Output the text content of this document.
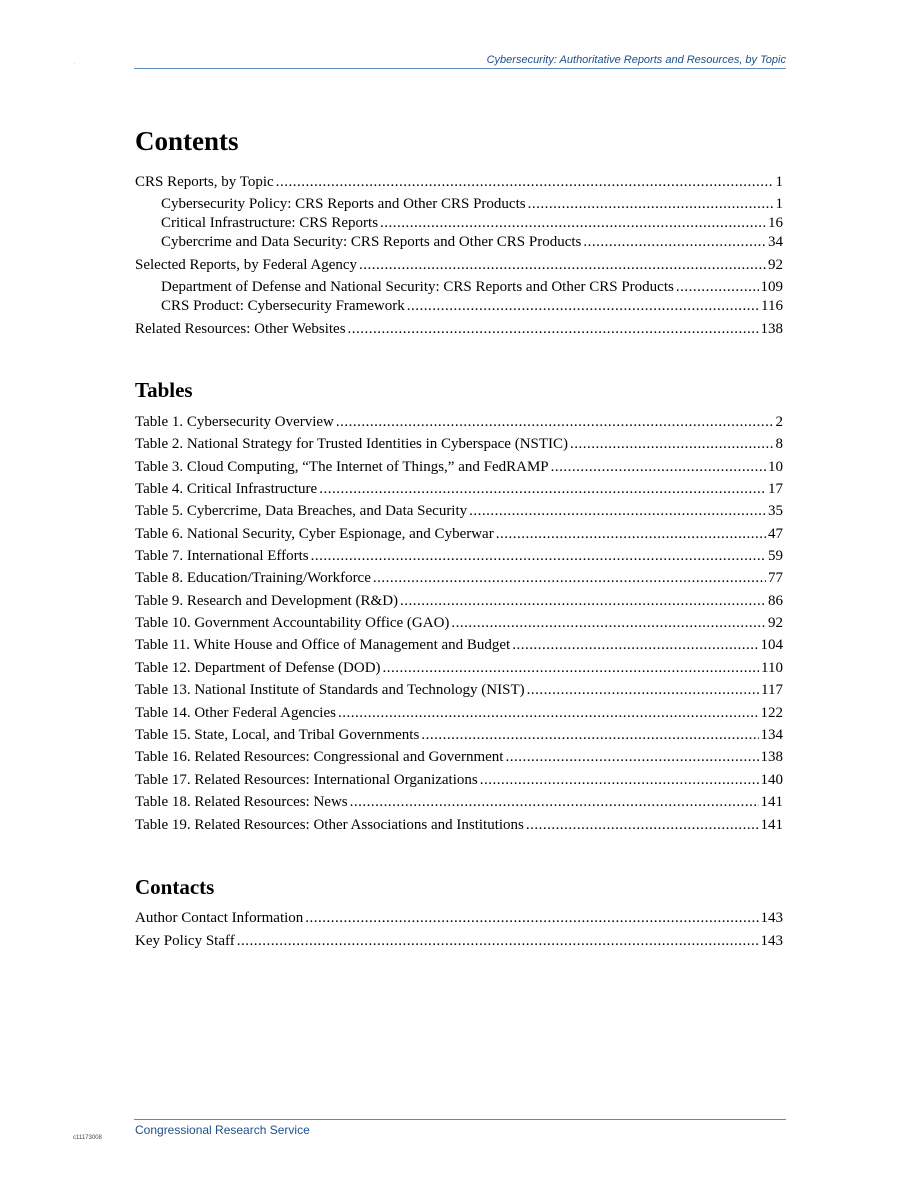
.	Cybersecurity: Authoritative Reports and Resources, by Topic
Contents
CRS Reports, by Topic .....	1
Cybersecurity Policy: CRS Reports and Other CRS Products .....	1
Critical Infrastructure: CRS Reports .....	16
Cybercrime and Data Security: CRS Reports and Other CRS Products .....	34
Selected Reports, by Federal Agency .....	92
Department of Defense and National Security: CRS Reports and Other CRS Products .....	109
CRS Product: Cybersecurity Framework .....	116
Related Resources: Other Websites .....	138
Tables
Table 1. Cybersecurity Overview .....	2
Table 2. National Strategy for Trusted Identities in Cyberspace (NSTIC) .....	8
Table 3. Cloud Computing, “The Internet of Things,” and FedRAMP .....	10
Table 4. Critical Infrastructure .....	17
Table 5. Cybercrime, Data Breaches, and Data Security .....	35
Table 6. National Security, Cyber Espionage, and Cyberwar .....	47
Table 7. International Efforts .....	59
Table 8. Education/Training/Workforce .....	77
Table 9. Research and Development (R&D) .....	86
Table 10. Government Accountability Office (GAO) .....	92
Table 11. White House and Office of Management and Budget .....	104
Table 12. Department of Defense (DOD) .....	110
Table 13. National Institute of Standards and Technology (NIST) .....	117
Table 14. Other Federal Agencies .....	122
Table 15. State, Local, and Tribal Governments .....	134
Table 16. Related Resources: Congressional and Government .....	138
Table 17. Related Resources: International Organizations .....	140
Table 18. Related Resources: News .....	141
Table 19. Related Resources: Other Associations and Institutions .....	141
Contacts
Author Contact Information .....	143
Key Policy Staff .....	143
Congressional Research Service
c11173008
